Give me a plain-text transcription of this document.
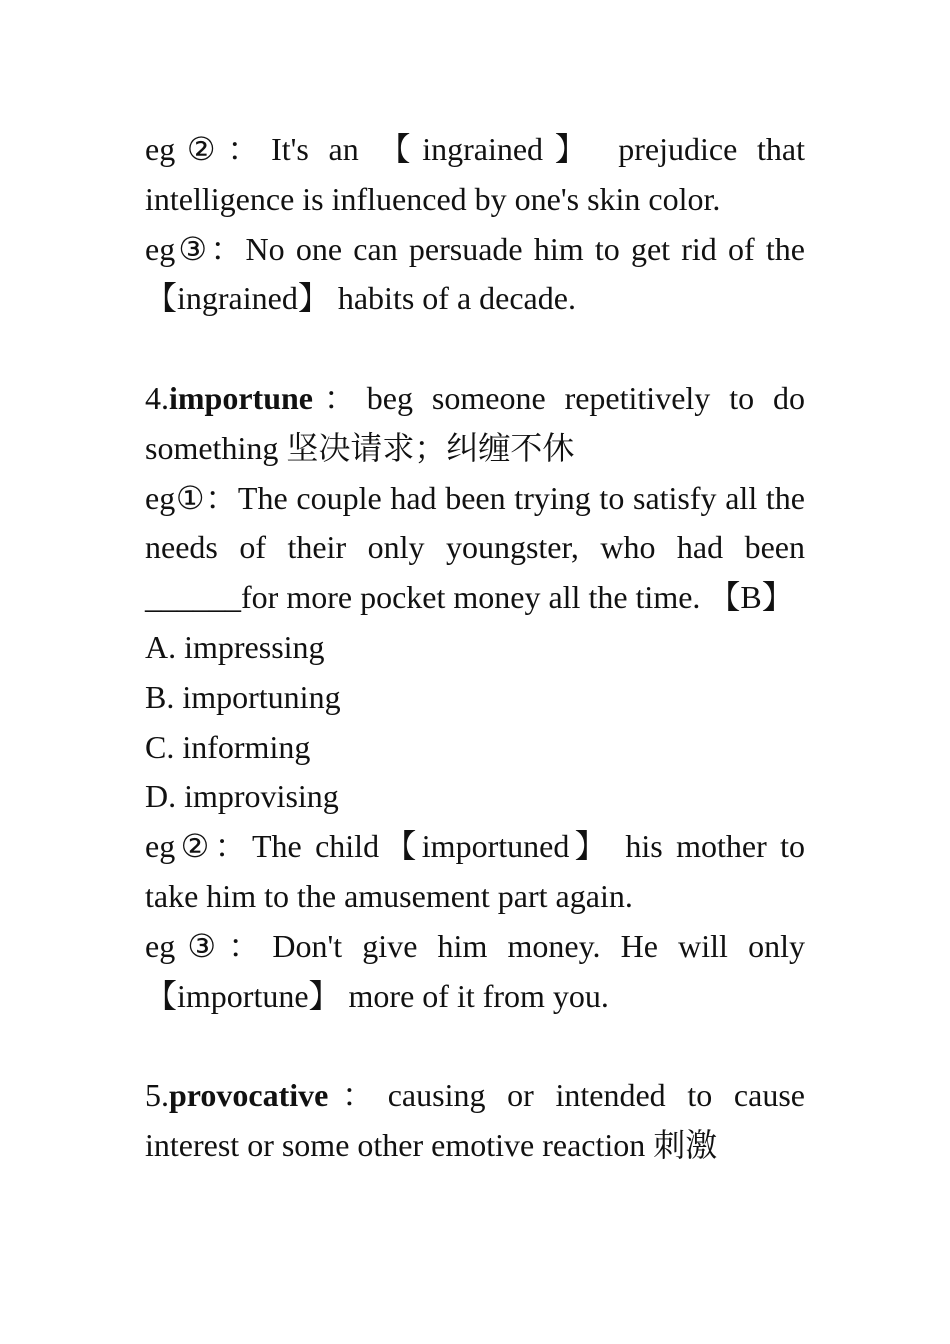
eg②：It's an 【ingrained】 prejudice that intelligence is influenced by one's skin color.

eg③：No one can persuade him to get rid of the 【ingrained】 habits of a decade.

4.importune：beg someone repetitively to do something 坚决请求；纠缠不休

eg①：The couple had been trying to satisfy all the needs of their only youngster, who had been ______for more pocket money all the time. 【B】

A. impressing

B. importuning

C. informing

D. improvising

eg②：The child【importuned】 his mother to take him to the amusement part again.

eg③：Don't give him money. He will only 【importune】 more of it from you.

5.provocative：causing or intended to cause interest or some other emotive reaction 刺激
